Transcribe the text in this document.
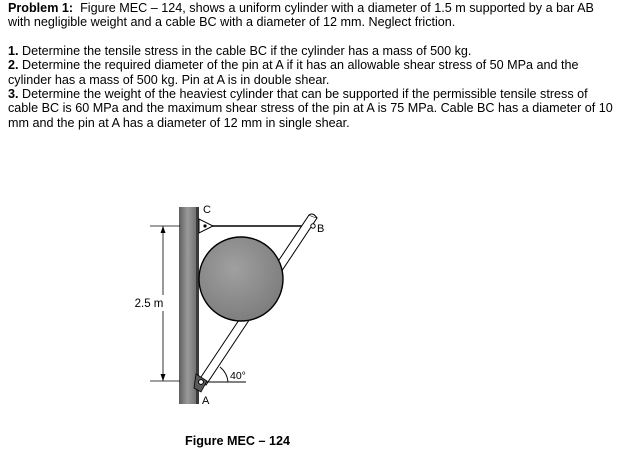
Problem 1: Figure MEC – 124, shows a uniform cylinder with a diameter of 1.5 m supported by a bar AB with negligible weight and a cable BC with a diameter of 12 mm. Neglect friction.

1. Determine the tensile stress in the cable BC if the cylinder has a mass of 500 kg.

2. Determine the required diameter of the pin at A if it has an allowable shear stress of 50 MPa and the cylinder has a mass of 500 kg. Pin at A is in double shear.

3. Determine the weight of the heaviest cylinder that can be supported if the permissible tensile stress of cable BC is 60 MPa and the maximum shear stress of the pin at A is 75 MPa. Cable BC has a diameter of 10 mm and the pin at A has a diameter of 12 mm in single shear.

2.5 m
C
B
A
40°
Figure MEC – 124
